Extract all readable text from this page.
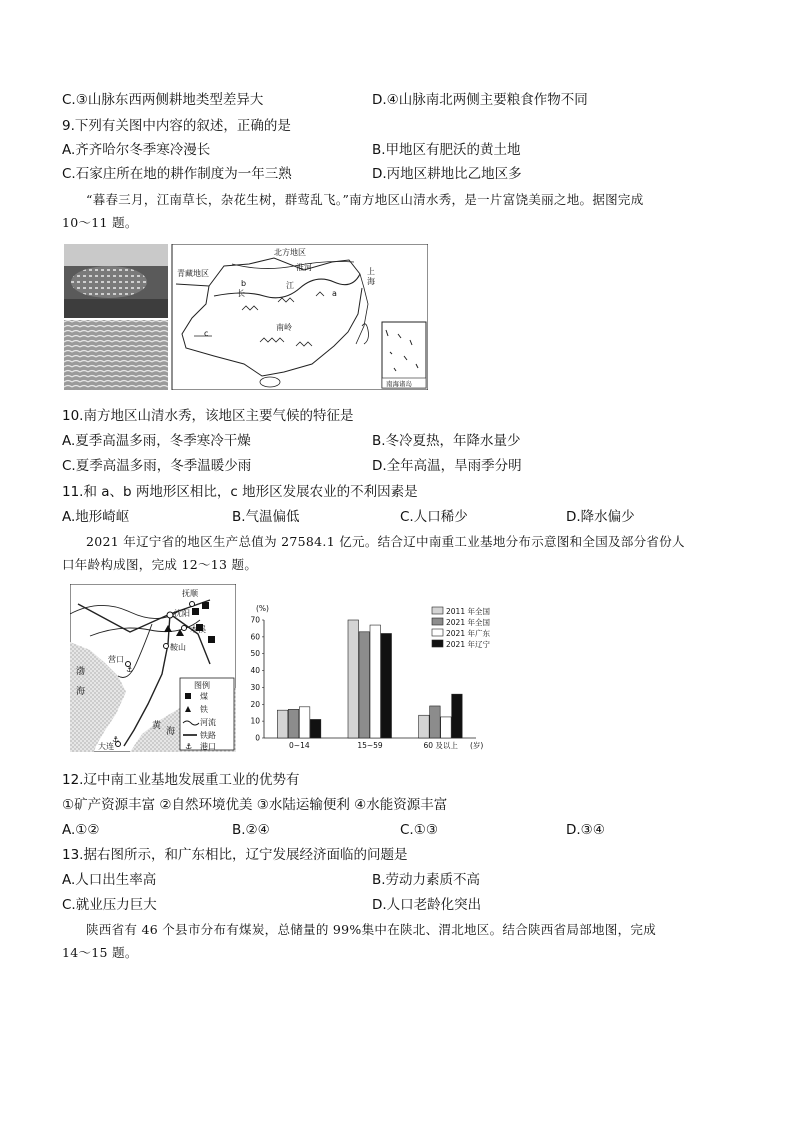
C.③山脉东西两侧耕地类型差异大	D.④山脉南北两侧主要粮食作物不同
9.下列有关图中内容的叙述，正确的是
A.齐齐哈尔冬季寒冷漫长	B.甲地区有肥沃的黄土地
C.石家庄所在地的耕作制度为一年三熟	D.丙地区耕地比乙地区多
“暮春三月，江南草长，杂花生树，群莺乱飞。”南方地区山清水秀，是一片富饶美丽之地。据图完成
10～11 题。
北方地区
淮河
青藏地区
b
长
江
a
上
海
南岭
c
南海诸岛
10.南方地区山清水秀，该地区主要气候的特征是
A.夏季高温多雨，冬季寒冷干燥	B.冬冷夏热，年降水量少
C.夏季高温多雨，冬季温暖少雨	D.全年高温，旱雨季分明
11.和 a、b 两地形区相比，c 地形区发展农业的不利因素是
A.地形崎岖	B.气温偏低	C.人口稀少	D.降水偏少
2021 年辽宁省的地区生产总值为 27584.1 亿元。结合辽中南重工业基地分布示意图和全国及部分省份人
口年龄构成图，完成 12～13 题。
⚓
⚓
抚顺
沈阳
本溪
鞍山
营口
渤
海
黄
海
大连
图例
煤
铁
河流
铁路
⚓ 港口
(%)
0
10
20
30
40
50
60
70
0~14	15~59	60 及以上
2011 年全国
2021 年全国
2021 年广东
2021 年辽宁
(岁)
12.辽中南工业基地发展重工业的优势有
①矿产资源丰富 ②自然环境优美 ③水陆运输便利 ④水能资源丰富
A.①②	B.②④	C.①③	D.③④
13.据右图所示，和广东相比，辽宁发展经济面临的问题是
A.人口出生率高	B.劳动力素质不高
C.就业压力巨大	D.人口老龄化突出
陕西省有 46 个县市分布有煤炭，总储量的 99%集中在陕北、渭北地区。结合陕西省局部地图，完成
14～15 题。
